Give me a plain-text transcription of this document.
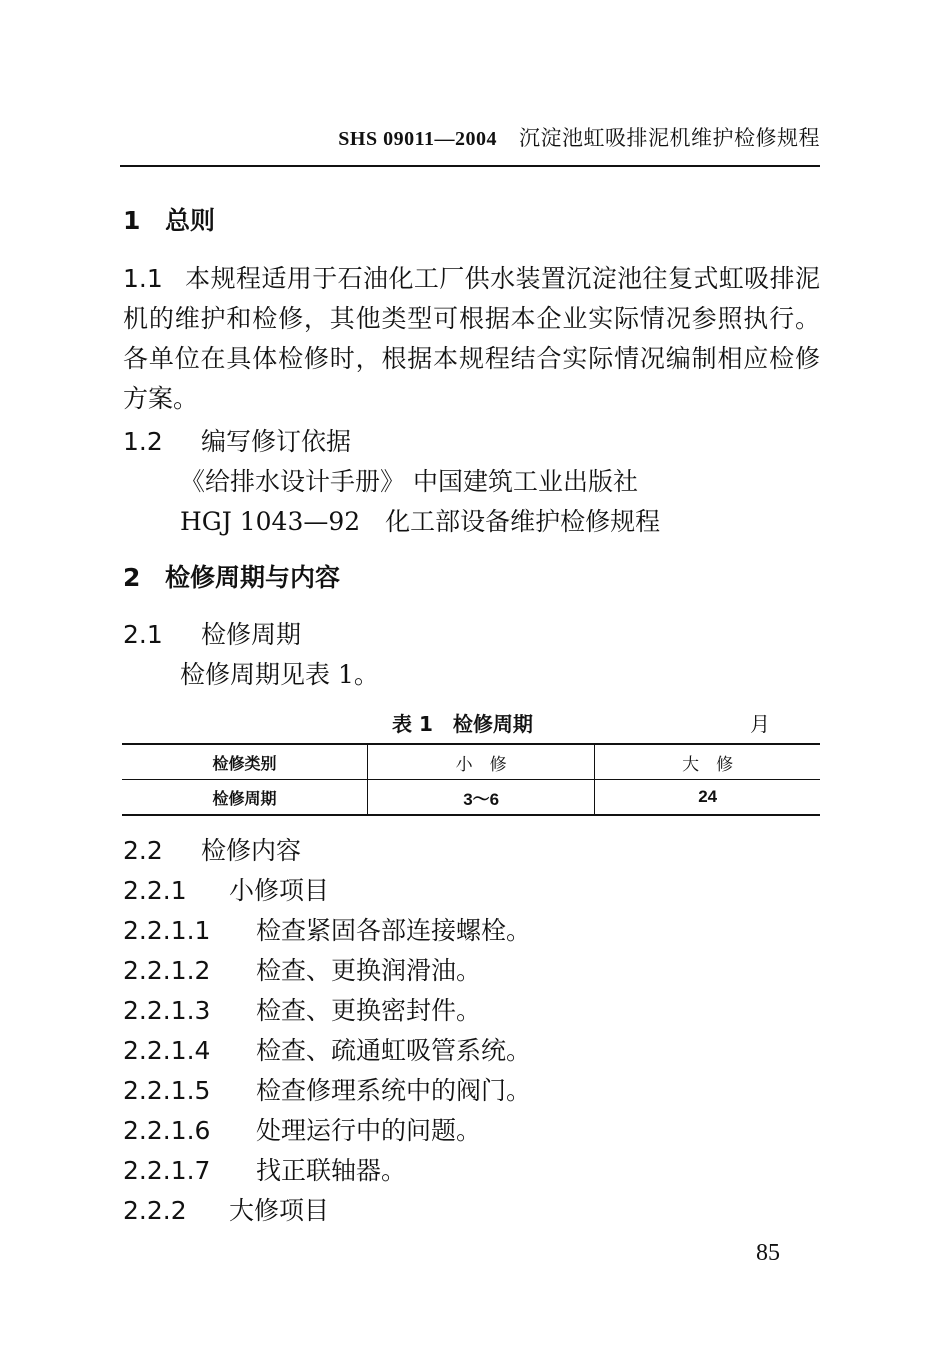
SHS 09011—2004 沉淀池虹吸排泥机维护检修规程
1 总则
1.1 本规程适用于石油化工厂供水装置沉淀池往复式虹吸排泥机的维护和检修，其他类型可根据本企业实际情况参照执行。各单位在具体检修时，根据本规程结合实际情况编制相应检修方案。
1.2 编写修订依据
《给排水设计手册》 中国建筑工业出版社
HGJ 1043—92　化工部设备维护检修规程
2 检修周期与内容
2.1 检修周期
检修周期见表 1。
表 1　检修周期	月
检修类别	小　修	大　修
检修周期	3～6	24
2.2 检修内容
2.2.1 小修项目
2.2.1.1 检查紧固各部连接螺栓。
2.2.1.2 检查、更换润滑油。
2.2.1.3 检查、更换密封件。
2.2.1.4 检查、疏通虹吸管系统。
2.2.1.5 检查修理系统中的阀门。
2.2.1.6 处理运行中的问题。
2.2.1.7 找正联轴器。
2.2.2 大修项目
85
